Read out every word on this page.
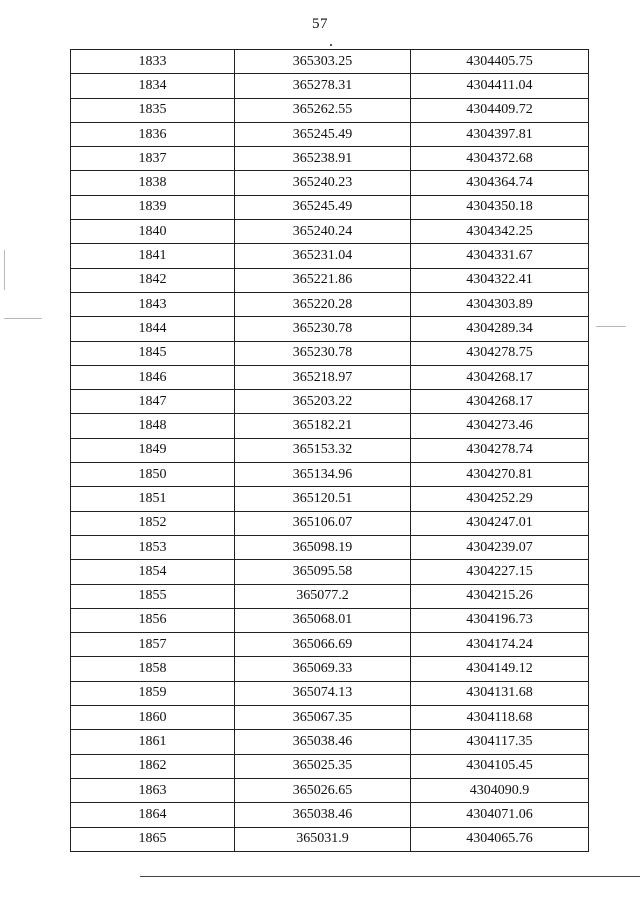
57
1833	365303.25	4304405.75
1834	365278.31	4304411.04
1835	365262.55	4304409.72
1836	365245.49	4304397.81
1837	365238.91	4304372.68
1838	365240.23	4304364.74
1839	365245.49	4304350.18
1840	365240.24	4304342.25
1841	365231.04	4304331.67
1842	365221.86	4304322.41
1843	365220.28	4304303.89
1844	365230.78	4304289.34
1845	365230.78	4304278.75
1846	365218.97	4304268.17
1847	365203.22	4304268.17
1848	365182.21	4304273.46
1849	365153.32	4304278.74
1850	365134.96	4304270.81
1851	365120.51	4304252.29
1852	365106.07	4304247.01
1853	365098.19	4304239.07
1854	365095.58	4304227.15
1855	365077.2	4304215.26
1856	365068.01	4304196.73
1857	365066.69	4304174.24
1858	365069.33	4304149.12
1859	365074.13	4304131.68
1860	365067.35	4304118.68
1861	365038.46	4304117.35
1862	365025.35	4304105.45
1863	365026.65	4304090.9
1864	365038.46	4304071.06
1865	365031.9	4304065.76
